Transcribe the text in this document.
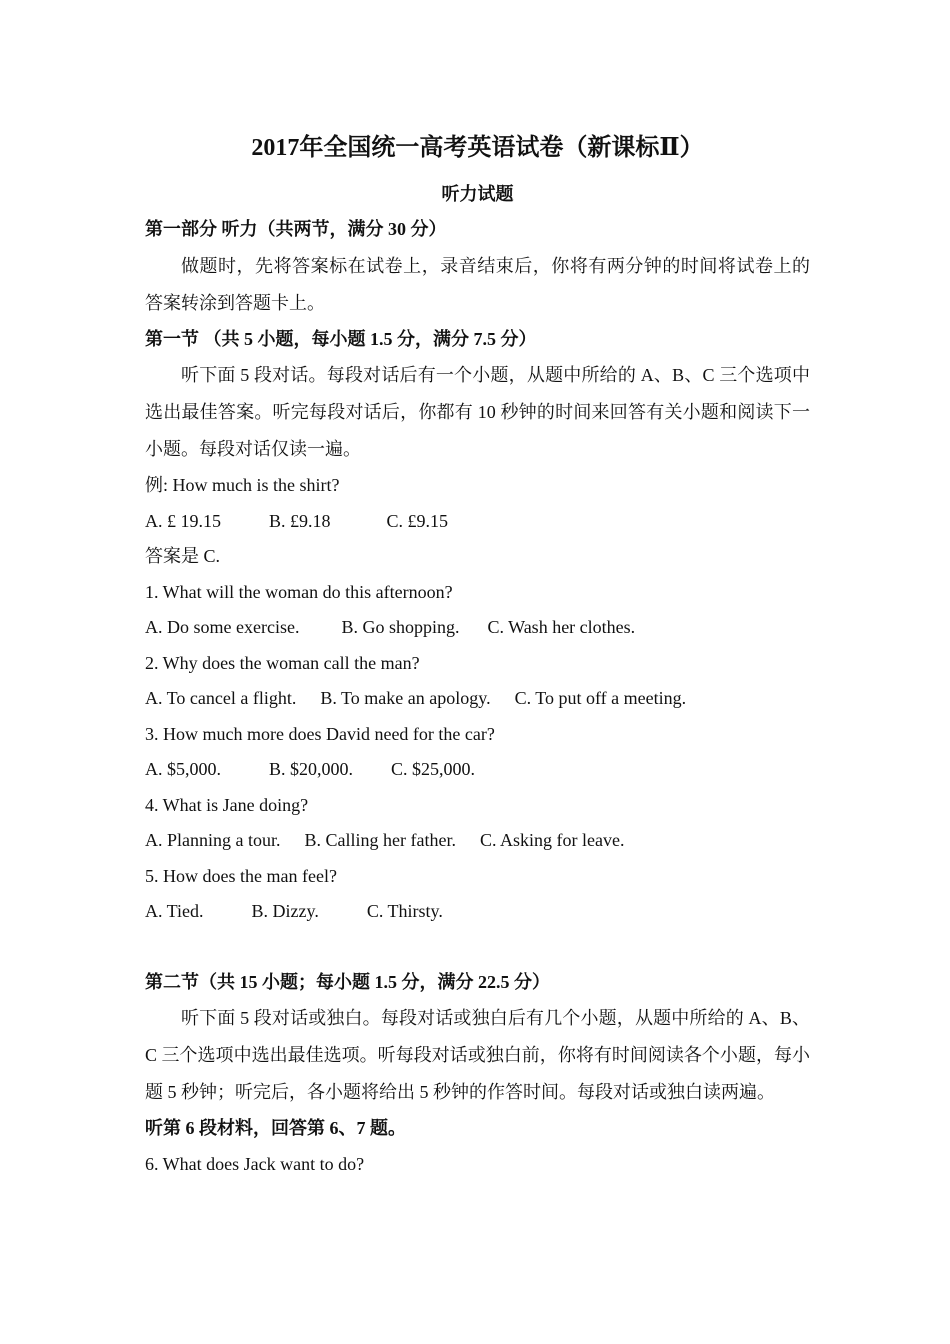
2017年全国统一高考英语试卷（新课标Ⅱ）
听力试题

第一部分 听力（共两节，满分 30 分）

做题时，先将答案标在试卷上，录音结束后，你将有两分钟的时间将试卷上的答案转涂到答题卡上。

第一节 （共 5 小题，每小题 1.5 分，满分 7.5 分）

听下面 5 段对话。每段对话后有一个小题，从题中所给的 A、B、C 三个选项中选出最佳答案。听完每段对话后，你都有 10 秒钟的时间来回答有关小题和阅读下一小题。每段对话仅读一遍。

例: How much is the shirt?

A. £ 19.15	B. £9.18	C. £9.15

答案是 C.

1. What will the woman do this afternoon?

A. Do some exercise. B. Go shopping. C. Wash her clothes.

2. Why does the woman call the man?

A. To cancel a flight. B. To make an apology. C. To put off a meeting.

3. How much more does David need for the car?

A. $5,000.	B. $20,000. C. $25,000.

4. What is Jane doing?

A. Planning a tour. B. Calling her father. C. Asking for leave.

5. How does the man feel?

A. Tied.	B. Dizzy.	C. Thirsty.

第二节（共 15 小题；每小题 1.5 分，满分 22.5 分）

听下面 5 段对话或独白。每段对话或独白后有几个小题，从题中所给的 A、B、C 三个选项中选出最佳选项。听每段对话或独白前，你将有时间阅读各个小题，每小题 5 秒钟；听完后，各小题将给出 5 秒钟的作答时间。每段对话或独白读两遍。

听第 6 段材料，回答第 6、7 题。

6. What does Jack want to do?
